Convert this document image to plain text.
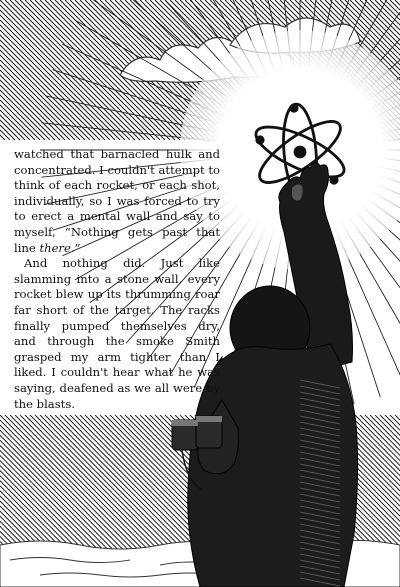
watched that barnacled hulk and concentrated. I couldn't attempt to think of each rocket, or each shot, individually, so I was forced to try to erect a mental wall and say to myself, “Nothing gets past that line there.”

And nothing did. Just like slamming into a stone wall, every rocket blew up its thrumming roar far short of the target. The racks finally pumped themselves dry, and through the smoke Smith grasped my arm tighter than I liked. I couldn't hear what he was saying, deafened as we all were by the blasts.
